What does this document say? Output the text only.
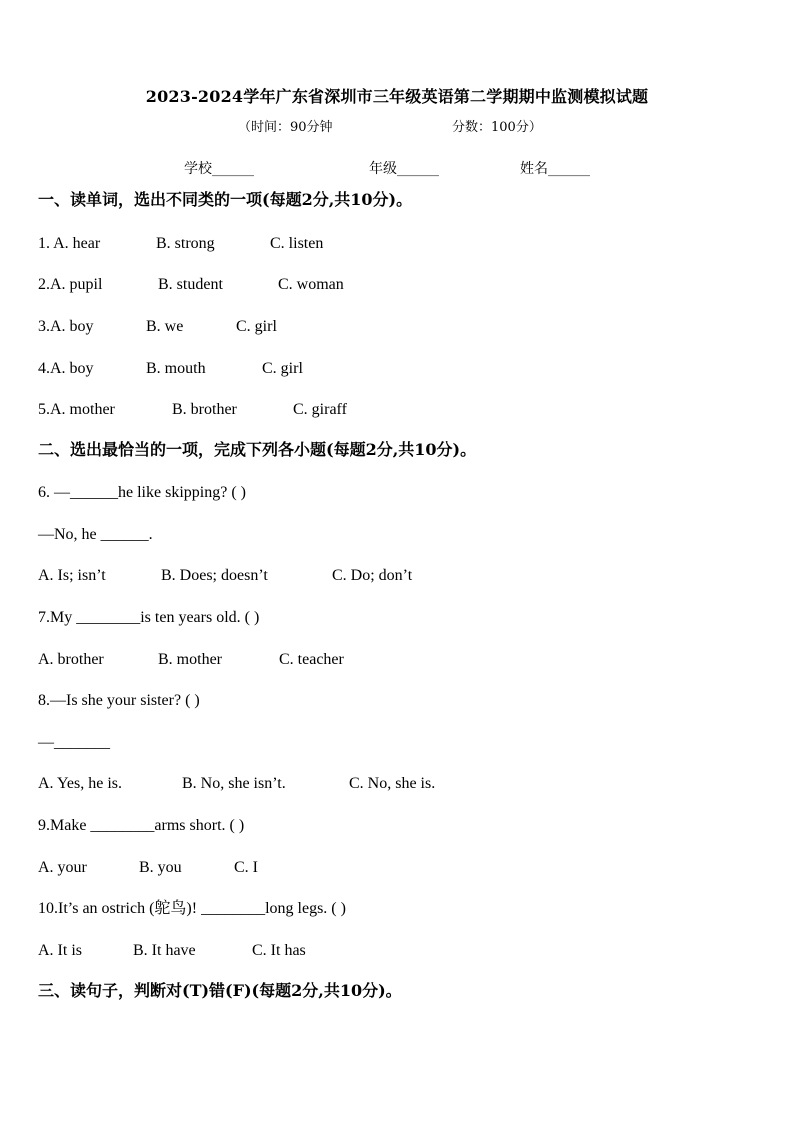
2023-2024学年广东省深圳市三年级英语第二学期期中监测模拟试题
（时间：90分钟	分数：100分）
学校______	年级______	姓名______
一、读单词，选出不同类的一项(每题2分,共10分)。
1. A. hear	B. strong	C. listen
2.A. pupil	B. student	C. woman
3.A. boy	B. we	C. girl
4.A. boy	B. mouth	C. girl
5.A. mother	B. brother	C. giraff
二、选出最恰当的一项，完成下列各小题(每题2分,共10分)。
6. —______he like skipping? ( )
—No, he ______.
A. Is; isn’t	B. Does; doesn’t	C. Do; don’t
7.My ________is ten years old. ( )
A. brother	B. mother	C. teacher
8.—Is she your sister? ( )
—_______
A. Yes, he is.	B. No, she isn’t.	C. No, she is.
9.Make ________arms short. ( )
A. your	B. you	C. I
10.It’s an ostrich (鸵鸟)! ________long legs. ( )
A. It is	B. It have	C. It has
三、读句子，判断对(T)错(F)(每题2分,共10分)。
